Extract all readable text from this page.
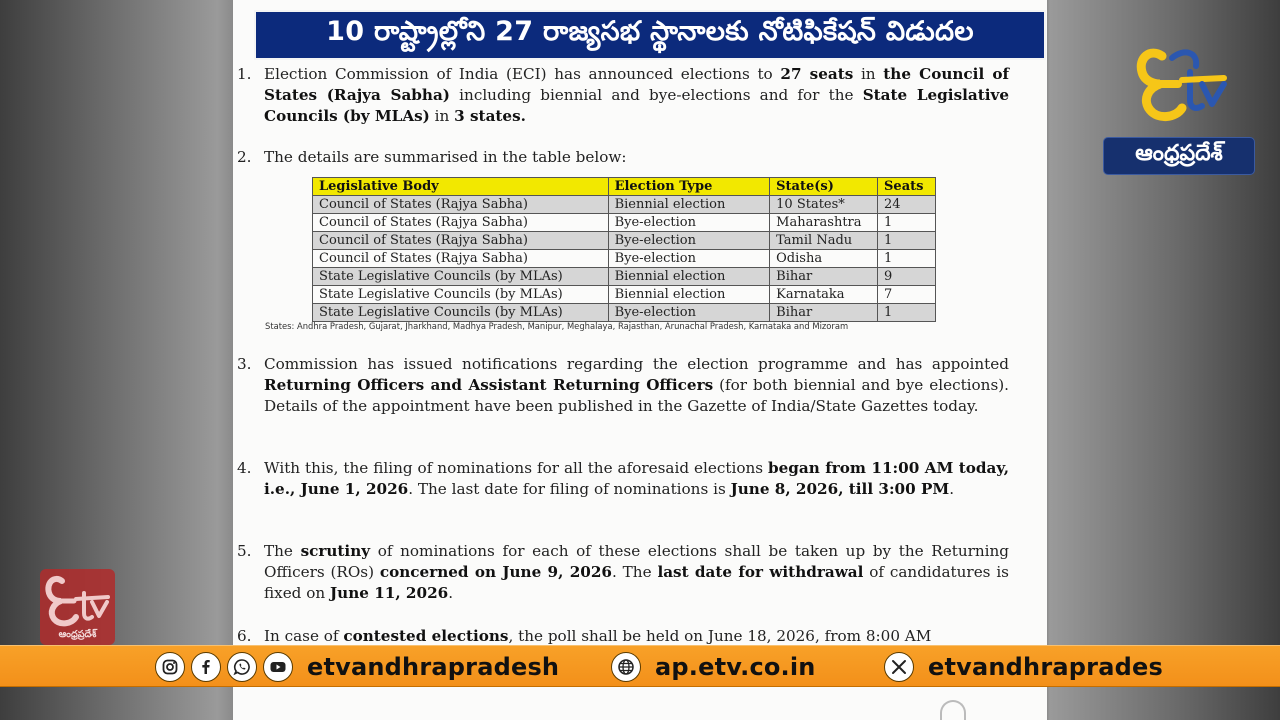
10 రాష్ట్రాల్లోని 27 రాజ్యసభ స్థానాలకు నోటిఫికేషన్ విడుదల
1. Election Commission of India (ECI) has announced elections to 27 seats in the Council of States (Rajya Sabha) including biennial and bye-elections and for the State Legislative Councils (by MLAs) in 3 states.
2. The details are summarised in the table below:
Legislative Body	Election Type	State(s)	Seats
Council of States (Rajya Sabha)	Biennial election	10 States*	24
Council of States (Rajya Sabha)	Bye-election	Maharashtra	1
Council of States (Rajya Sabha)	Bye-election	Tamil Nadu	1
Council of States (Rajya Sabha)	Bye-election	Odisha	1
State Legislative Councils (by MLAs)	Biennial election	Bihar	9
State Legislative Councils (by MLAs)	Biennial election	Karnataka	7
State Legislative Councils (by MLAs)	Bye-election	Bihar	1
States: Andhra Pradesh, Gujarat, Jharkhand, Madhya Pradesh, Manipur, Meghalaya, Rajasthan, Arunachal Pradesh, Karnataka and Mizoram
3. Commission has issued notifications regarding the election programme and has appointed Returning Officers and Assistant Returning Officers (for both biennial and bye elections). Details of the appointment have been published in the Gazette of India/State Gazettes today.
4. With this, the filing of nominations for all the aforesaid elections began from 11:00 AM today, i.e., June 1, 2026. The last date for filing of nominations is June 8, 2026, till 3:00 PM.
5. The scrutiny of nominations for each of these elections shall be taken up by the Returning Officers (ROs) concerned on June 9, 2026. The last date for withdrawal of candidatures is fixed on June 11, 2026.
6. In case of contested elections, the poll shall be held on June 18, 2026, from 8:00 AM
ఆంధ్రప్రదేశ్
ఆంధ్రప్రదేశ్
etvandhrapradesh	ap.etv.co.in	etvandhraprades
